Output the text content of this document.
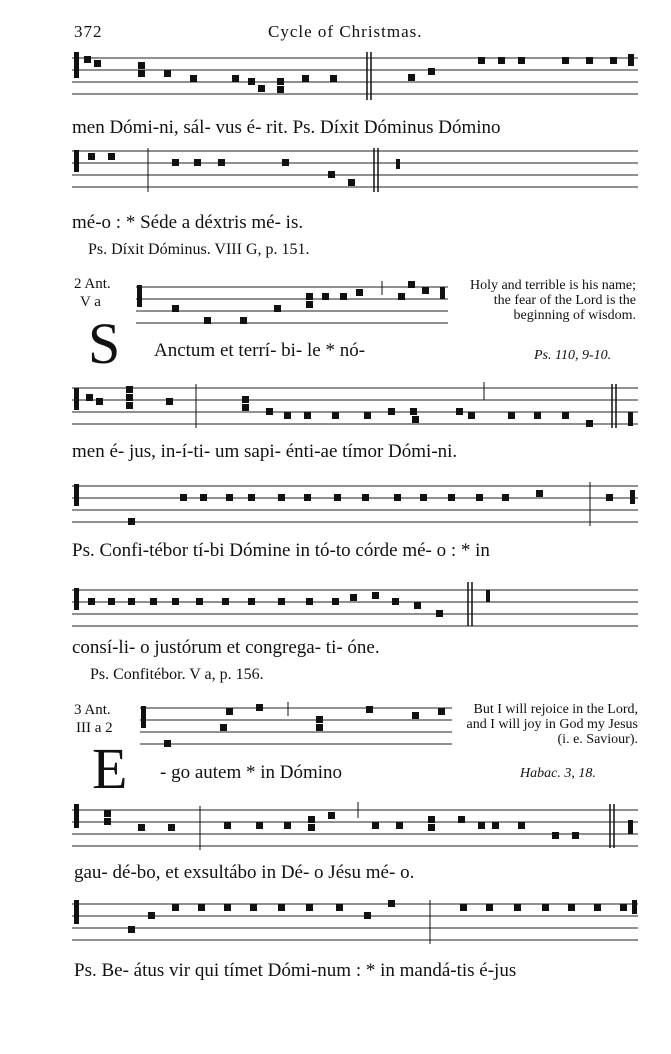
372	Cycle of Christmas.
men Dómi-ni, sál- vus é- rit. Ps. Díxit Dóminus Dómino
mé-o : * Séde a déxtris mé- is.
Ps. Díxit Dóminus. VIII G, p. 151.
2 Ant.
V a
S Anctum et terrí- bi- le * nó-
Holy and terrible is his name; the fear of the Lord is the beginning of wisdom.
Ps. 110, 9-10.
men é- jus, in-í-ti- um sapi- énti-ae tímor Dómi-ni.
Ps. Confi-tébor tí-bi Dómine in tó-to córde mé- o : * in
consí-li- o justórum et congrega- ti- óne.
Ps. Confitébor. V a, p. 156.
3 Ant.
III a 2
E - go autem * in Dómino
But I will rejoice in the Lord, and I will joy in God my Jesus (i. e. Saviour).
Habac. 3, 18.
gau- dé-bo, et exsultábo in Dé- o Jésu mé- o.
Ps. Be- átus vir qui tímet Dómi-num : * in mandá-tis é-jus
